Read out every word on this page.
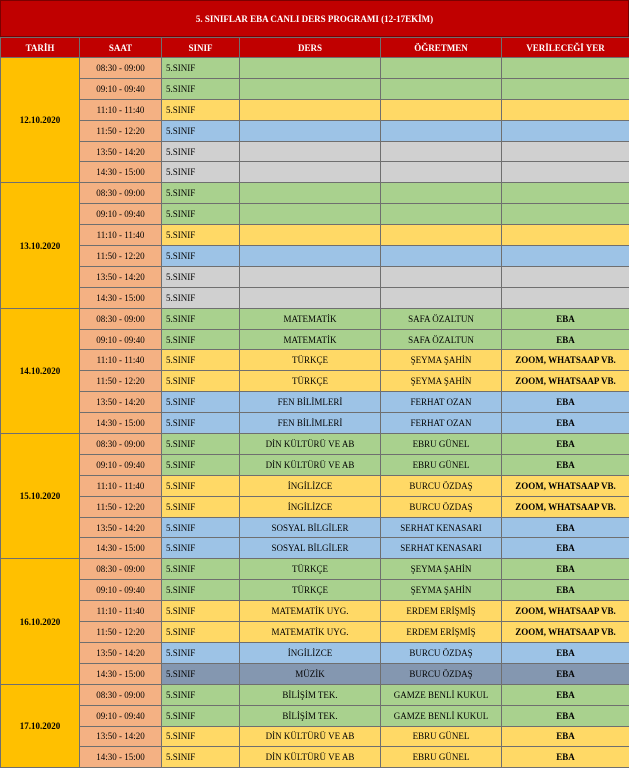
5. SINIFLAR EBA CANLI DERS PROGRAMI (12-17EKİM)
TARİH	SAAT	SINIF	DERS	ÖĞRETMEN	VERİLECEĞİ YER
12.10.2020	08:30 - 09:00	5.SINIF			
	09:10 - 09:40	5.SINIF			
	11:10 - 11:40	5.SINIF			
	11:50 - 12:20	5.SINIF			
	13:50 - 14:20	5.SINIF			
	14:30 - 15:00	5.SINIF			
13.10.2020	08:30 - 09:00	5.SINIF			
	09:10 - 09:40	5.SINIF			
	11:10 - 11:40	5.SINIF			
	11:50 - 12:20	5.SINIF			
	13:50 - 14:20	5.SINIF			
	14:30 - 15:00	5.SINIF			
14.10.2020	08:30 - 09:00	5.SINIF	MATEMATİK	SAFA ÖZALTUN	EBA
	09:10 - 09:40	5.SINIF	MATEMATİK	SAFA ÖZALTUN	EBA
	11:10 - 11:40	5.SINIF	TÜRKÇE	ŞEYMA ŞAHİN	ZOOM, WHATSAAP VB.
	11:50 - 12:20	5.SINIF	TÜRKÇE	ŞEYMA ŞAHİN	ZOOM, WHATSAAP VB.
	13:50 - 14:20	5.SINIF	FEN BİLİMLERİ	FERHAT OZAN	EBA
	14:30 - 15:00	5.SINIF	FEN BİLİMLERİ	FERHAT OZAN	EBA
15.10.2020	08:30 - 09:00	5.SINIF	DİN KÜLTÜRÜ VE AB	EBRU GÜNEL	EBA
	09:10 - 09:40	5.SINIF	DİN KÜLTÜRÜ VE AB	EBRU GÜNEL	EBA
	11:10 - 11:40	5.SINIF	İNGİLİZCE	BURCU ÖZDAŞ	ZOOM, WHATSAAP VB.
	11:50 - 12:20	5.SINIF	İNGİLİZCE	BURCU ÖZDAŞ	ZOOM, WHATSAAP VB.
	13:50 - 14:20	5.SINIF	SOSYAL BİLGİLER	SERHAT KENASARI	EBA
	14:30 - 15:00	5.SINIF	SOSYAL BİLGİLER	SERHAT KENASARI	EBA
16.10.2020	08:30 - 09:00	5.SINIF	TÜRKÇE	ŞEYMA ŞAHİN	EBA
	09:10 - 09:40	5.SINIF	TÜRKÇE	ŞEYMA ŞAHİN	EBA
	11:10 - 11:40	5.SINIF	MATEMATİK UYG.	ERDEM ERİŞMİŞ	ZOOM, WHATSAAP VB.
	11:50 - 12:20	5.SINIF	MATEMATİK UYG.	ERDEM ERİŞMİŞ	ZOOM, WHATSAAP VB.
	13:50 - 14:20	5.SINIF	İNGİLİZCE	BURCU ÖZDAŞ	EBA
	14:30 - 15:00	5.SINIF	MÜZİK	BURCU ÖZDAŞ	EBA
17.10.2020	08:30 - 09:00	5.SINIF	BİLİŞİM TEK.	GAMZE BENLİ KUKUL	EBA
	09:10 - 09:40	5.SINIF	BİLİŞİM TEK.	GAMZE BENLİ KUKUL	EBA
	13:50 - 14:20	5.SINIF	DİN KÜLTÜRÜ VE AB	EBRU GÜNEL	EBA
	14:30 - 15:00	5.SINIF	DİN KÜLTÜRÜ VE AB	EBRU GÜNEL	EBA
